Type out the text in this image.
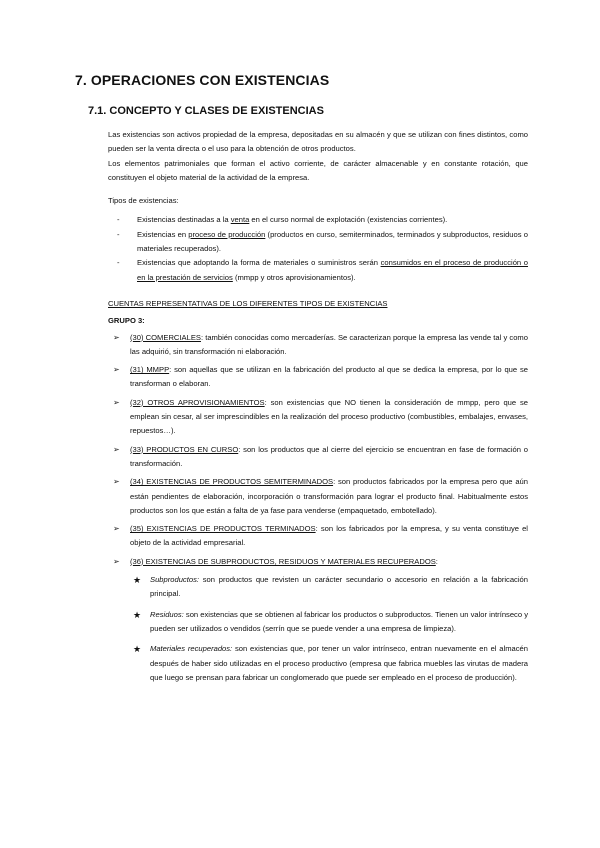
7. OPERACIONES CON EXISTENCIAS
7.1. CONCEPTO Y CLASES DE EXISTENCIAS

Las existencias son activos propiedad de la empresa, depositadas en su almacén y que se utilizan con fines distintos, como pueden ser la venta directa o el uso para la obtención de otros productos.

Los elementos patrimoniales que forman el activo corriente, de carácter almacenable y en constante rotación, que constituyen el objeto material de la actividad de la empresa.

Tipos de existencias:

- Existencias destinadas a la venta en el curso normal de explotación (existencias corrientes).
- Existencias en proceso de producción (productos en curso, semiterminados, terminados y subproductos, residuos o materiales recuperados).
- Existencias que adoptando la forma de materiales o suministros serán consumidos en el proceso de producción o en la prestación de servicios (mmpp y otros aprovisionamientos).

CUENTAS REPRESENTATIVAS DE LOS DIFERENTES TIPOS DE EXISTENCIAS

GRUPO 3:

➢ (30) COMERCIALES: también conocidas como mercaderías. Se caracterizan porque la empresa las vende tal y como las adquirió, sin transformación ni elaboración.
➢ (31) MMPP: son aquellas que se utilizan en la fabricación del producto al que se dedica la empresa, por lo que se transforman o elaboran.
➢ (32) OTROS APROVISIONAMIENTOS: son existencias que NO tienen la consideración de mmpp, pero que se emplean sin cesar, al ser imprescindibles en la realización del proceso productivo (combustibles, embalajes, envases, repuestos…).
➢ (33) PRODUCTOS EN CURSO: son los productos que al cierre del ejercicio se encuentran en fase de formación o transformación.
➢ (34) EXISTENCIAS DE PRODUCTOS SEMITERMINADOS: son productos fabricados por la empresa pero que aún están pendientes de elaboración, incorporación o transformación para lograr el producto final. Habitualmente estos productos son los que están a falta de ya fase para venderse (empaquetado, embotellado).
➢ (35) EXISTENCIAS DE PRODUCTOS TERMINADOS: son los fabricados por la empresa, y su venta constituye el objeto de la actividad empresarial.
➢ (36) EXISTENCIAS DE SUBPRODUCTOS, RESIDUOS Y MATERIALES RECUPERADOS:
★ Subproductos: son productos que revisten un carácter secundario o accesorio en relación a la fabricación principal.
★ Residuos: son existencias que se obtienen al fabricar los productos o subproductos. Tienen un valor intrínseco y pueden ser utilizados o vendidos (serrín que se puede vender a una empresa de limpieza).
★ Materiales recuperados: son existencias que, por tener un valor intrínseco, entran nuevamente en el almacén después de haber sido utilizadas en el proceso productivo (empresa que fabrica muebles las virutas de madera que luego se prensan para fabricar un conglomerado que puede ser empleado en el proceso de producción).
